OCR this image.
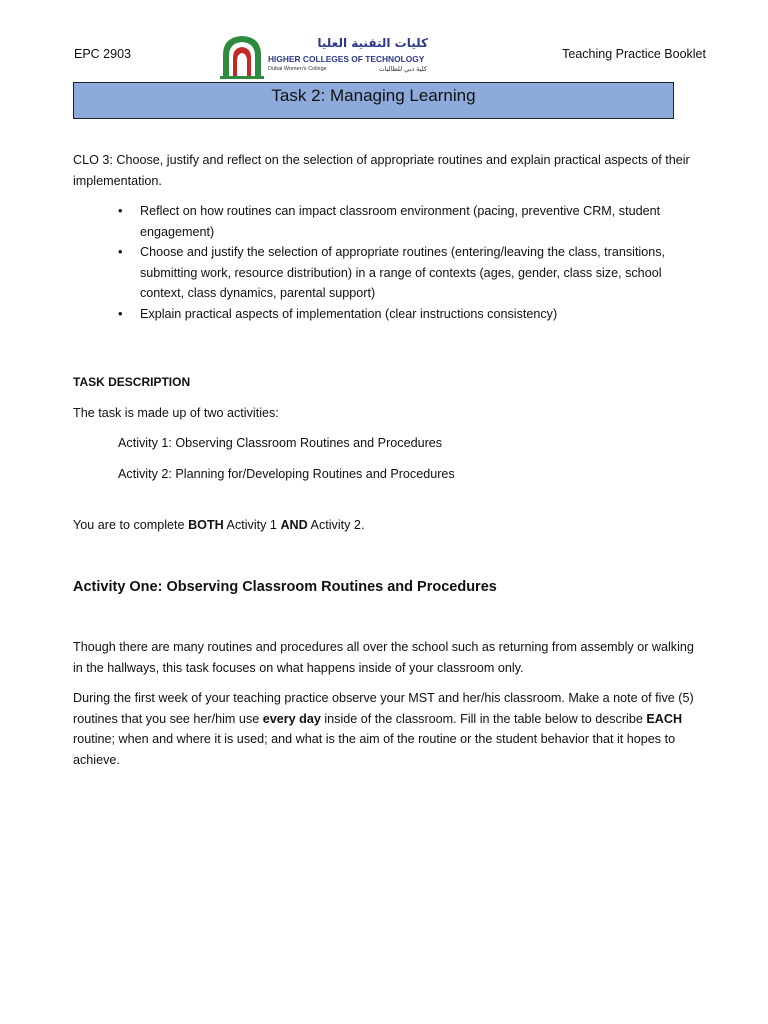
EPC 2903
كليات التقنية العليا
HIGHER COLLEGES OF TECHNOLOGY
Dubai Women's College	كلية دبي للطالبات
Teaching Practice Booklet
Task 2: Managing Learning

CLO 3: Choose, justify and reflect on the selection of appropriate routines and explain practical aspects of their implementation.

• Reflect on how routines can impact classroom environment (pacing, preventive CRM, student engagement)
• Choose and justify the selection of appropriate routines (entering/leaving the class, transitions, submitting work, resource distribution) in a range of contexts (ages, gender, class size, school context, class dynamics, parental support)
• Explain practical aspects of implementation (clear instructions consistency)

TASK DESCRIPTION

The task is made up of two activities:

Activity 1: Observing Classroom Routines and Procedures

Activity 2: Planning for/Developing Routines and Procedures

You are to complete BOTH Activity 1 AND Activity 2.

Activity One: Observing Classroom Routines and Procedures

Though there are many routines and procedures all over the school such as returning from assembly or walking in the hallways, this task focuses on what happens inside of your classroom only.

During the first week of your teaching practice observe your MST and her/his classroom. Make a note of five (5) routines that you see her/him use every day inside of the classroom. Fill in the table below to describe EACH routine; when and where it is used; and what is the aim of the routine or the student behavior that it hopes to achieve.
